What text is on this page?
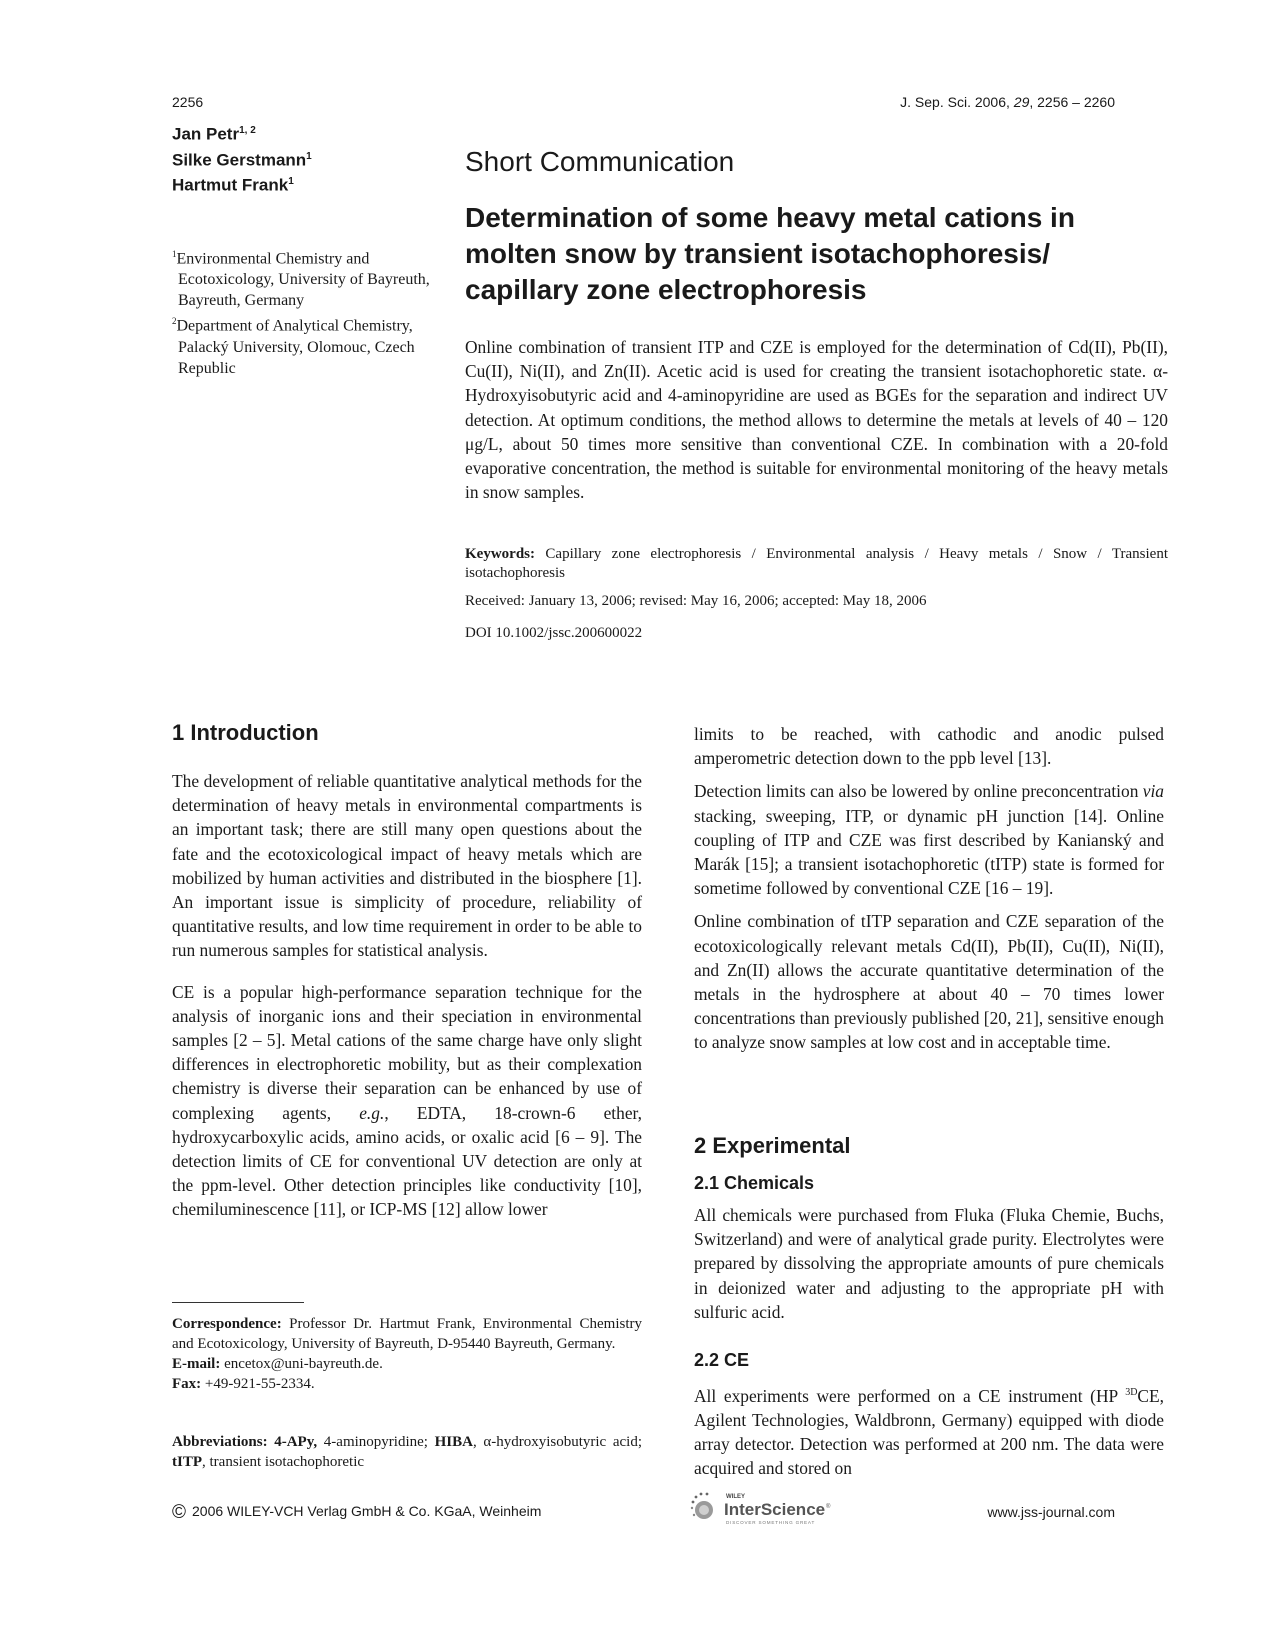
2256	J. Sep. Sci. 2006, 29, 2256 – 2260
Jan Petr$^{1, 2}$
Silke Gerstmann$^1$
Hartmut Frank$^1$
$^1$Environmental Chemistry and Ecotoxicology, University of Bayreuth, Bayreuth, Germany
$^2$Department of Analytical Chemistry, Palacký University, Olomouc, Czech Republic
Short Communication
Determination of some heavy metal cations in molten snow by transient isotachophoresis/ capillary zone electrophoresis
Online combination of transient ITP and CZE is employed for the determination of Cd(II), Pb(II), Cu(II), Ni(II), and Zn(II). Acetic acid is used for creating the transient isotachophoretic state. α-Hydroxyisobutyric acid and 4-aminopyridine are used as BGEs for the separation and indirect UV detection. At optimum conditions, the method allows to determine the metals at levels of 40 – 120 μg/L, about 50 times more sensitive than conventional CZE. In combination with a 20-fold evaporative concentration, the method is suitable for environmental monitoring of the heavy metals in snow samples.
Keywords: Capillary zone electrophoresis / Environmental analysis / Heavy metals / Snow / Transient isotachophoresis
Received: January 13, 2006; revised: May 16, 2006; accepted: May 18, 2006
DOI 10.1002/jssc.200600022
1 Introduction

The development of reliable quantitative analytical methods for the determination of heavy metals in environmental compartments is an important task; there are still many open questions about the fate and the ecotoxicological impact of heavy metals which are mobilized by human activities and distributed in the biosphere [1]. An important issue is simplicity of procedure, reliability of quantitative results, and low time requirement in order to be able to run numerous samples for statistical analysis.

CE is a popular high-performance separation technique for the analysis of inorganic ions and their speciation in environmental samples [2 – 5]. Metal cations of the same charge have only slight differences in electrophoretic mobility, but as their complexation chemistry is diverse their separation can be enhanced by use of complexing agents, e.g., EDTA, 18-crown-6 ether, hydroxycarboxylic acids, amino acids, or oxalic acid [6 – 9]. The detection limits of CE for conventional UV detection are only at the ppm-level. Other detection principles like conductivity [10], chemiluminescence [11], or ICP-MS [12] allow lower

Correspondence: Professor Dr. Hartmut Frank, Environmental Chemistry and Ecotoxicology, University of Bayreuth, D-95440 Bayreuth, Germany.
E-mail: encetox@uni-bayreuth.de.
Fax: +49-921-55-2334.
Abbreviations: 4-APy, 4-aminopyridine; HIBA, α-hydroxyisobutyric acid; tITP, transient isotachophoretic

limits to be reached, with cathodic and anodic pulsed amperometric detection down to the ppb level [13].

Detection limits can also be lowered by online preconcentration via stacking, sweeping, ITP, or dynamic pH junction [14]. Online coupling of ITP and CZE was first described by Kanianský and Marák [15]; a transient isotachophoretic (tITP) state is formed for sometime followed by conventional CZE [16 – 19].

Online combination of tITP separation and CZE separation of the ecotoxicologically relevant metals Cd(II), Pb(II), Cu(II), Ni(II), and Zn(II) allows the accurate quantitative determination of the metals in the hydrosphere at about 40 – 70 times lower concentrations than previously published [20, 21], sensitive enough to analyze snow samples at low cost and in acceptable time.

2 Experimental
2.1 Chemicals

All chemicals were purchased from Fluka (Fluka Chemie, Buchs, Switzerland) and were of analytical grade purity. Electrolytes were prepared by dissolving the appropriate amounts of pure chemicals in deionized water and adjusting to the appropriate pH with sulfuric acid.

2.2 CE

All experiments were performed on a CE instrument (HP $^{3D}$CE, Agilent Technologies, Waldbronn, Germany) equipped with diode array detector. Detection was performed at 200 nm. The data were acquired and stored on

© 2006 WILEY-VCH Verlag GmbH & Co. KGaA, Weinheim
WILEY
InterScience ®
DISCOVER SOMETHING GREAT
www.jss-journal.com
